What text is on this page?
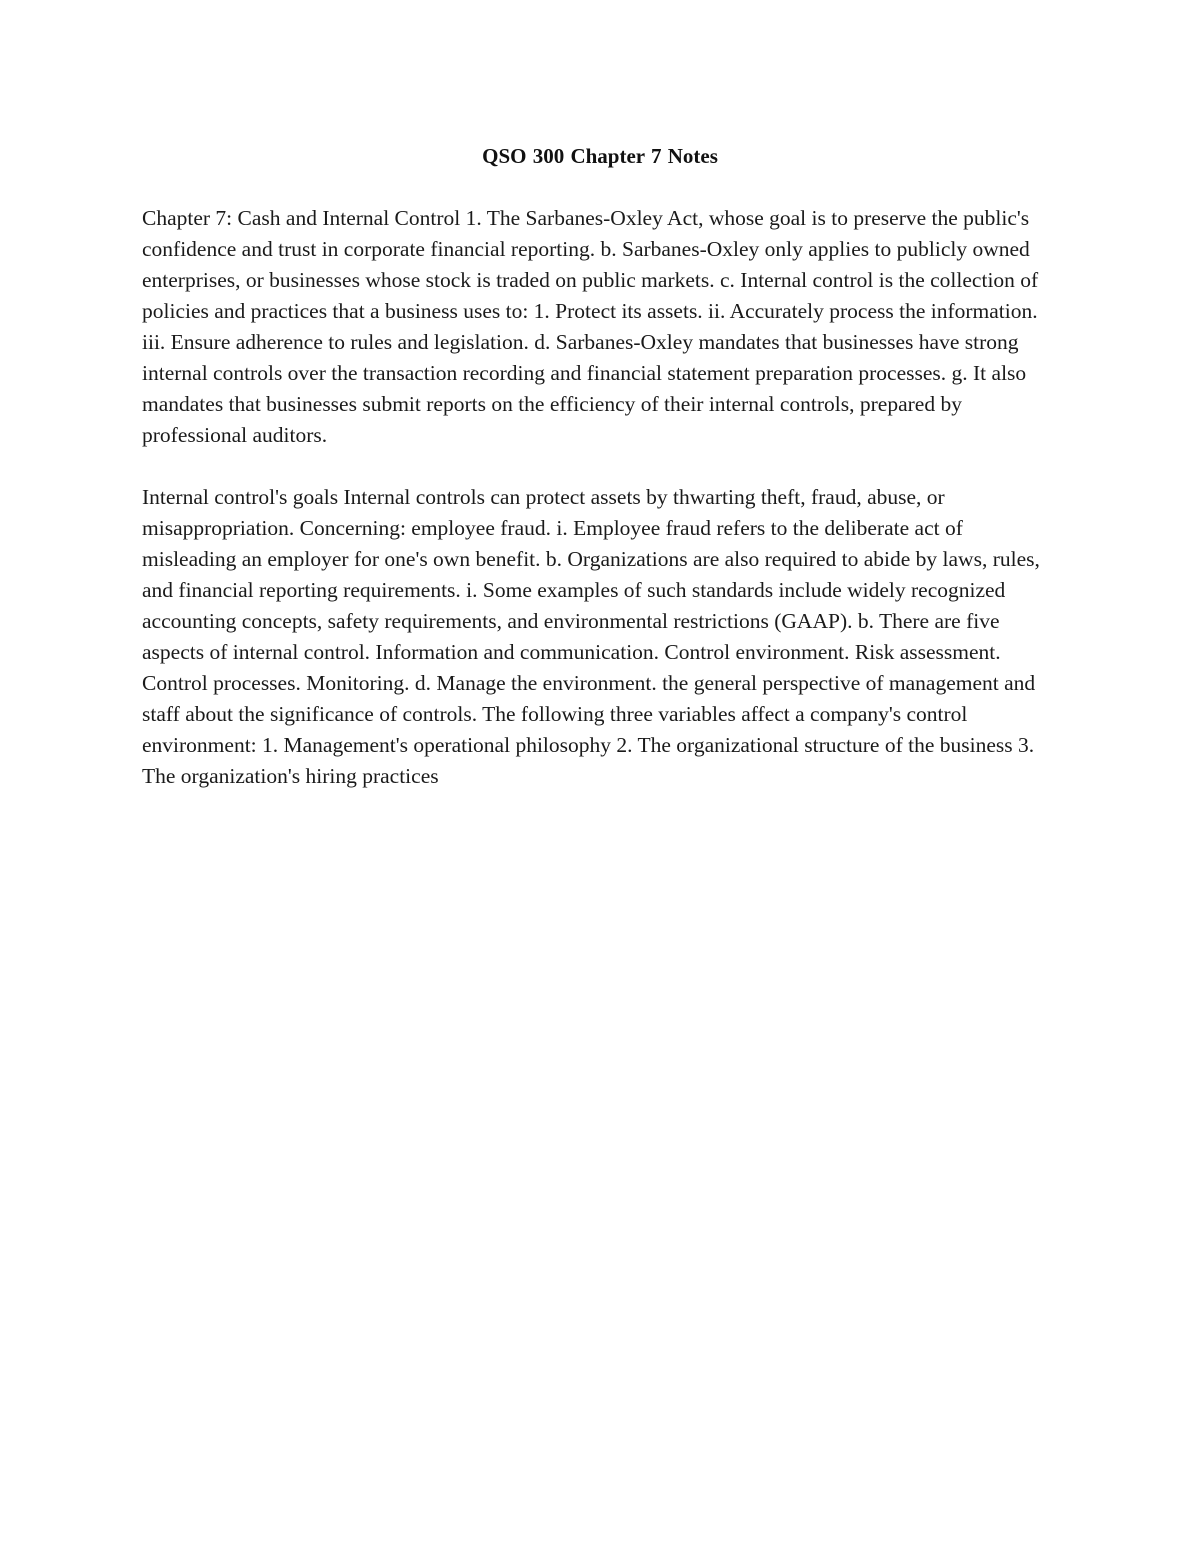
QSO 300 Chapter 7 Notes

Chapter 7: Cash and Internal Control 1. The Sarbanes-Oxley Act, whose goal is to preserve the public's confidence and trust in corporate financial reporting. b. Sarbanes-Oxley only applies to publicly owned enterprises, or businesses whose stock is traded on public markets. c. Internal control is the collection of policies and practices that a business uses to: 1. Protect its assets. ii. Accurately process the information. iii. Ensure adherence to rules and legislation. d. Sarbanes-Oxley mandates that businesses have strong internal controls over the transaction recording and financial statement preparation processes. g. It also mandates that businesses submit reports on the efficiency of their internal controls, prepared by professional auditors.

Internal control's goals Internal controls can protect assets by thwarting theft, fraud, abuse, or misappropriation. Concerning: employee fraud. i. Employee fraud refers to the deliberate act of misleading an employer for one's own benefit. b. Organizations are also required to abide by laws, rules, and financial reporting requirements. i. Some examples of such standards include widely recognized accounting concepts, safety requirements, and environmental restrictions (GAAP). b. There are five aspects of internal control. Information and communication. Control environment. Risk assessment. Control processes. Monitoring. d. Manage the environment. the general perspective of management and staff about the significance of controls. The following three variables affect a company's control environment: 1. Management's operational philosophy 2. The organizational structure of the business 3. The organization's hiring practices
